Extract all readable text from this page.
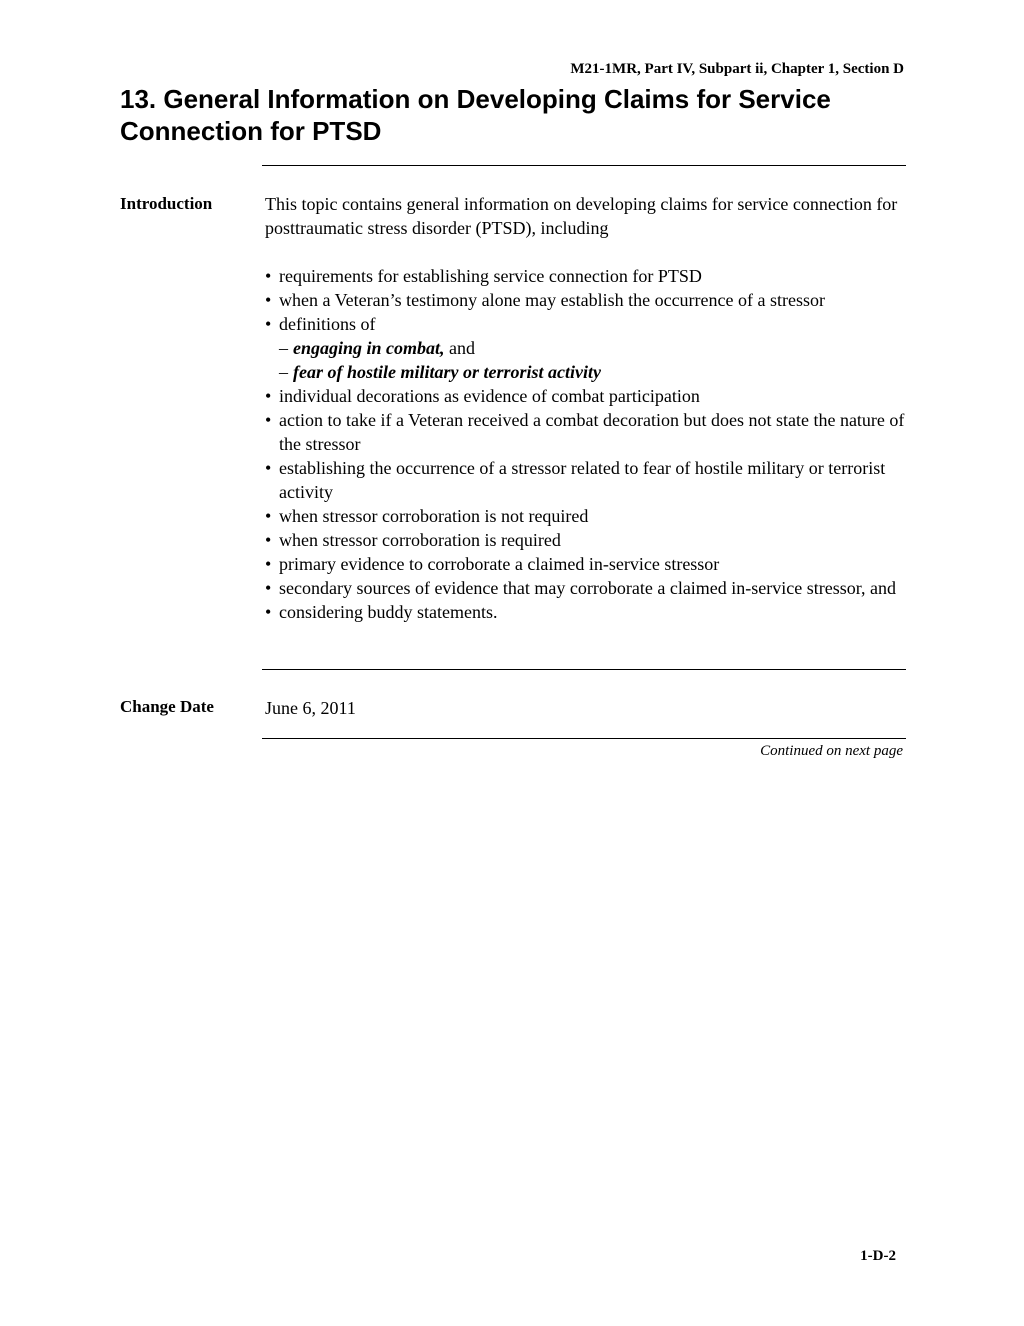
M21-1MR, Part IV, Subpart ii, Chapter 1, Section D
13. General Information on Developing Claims for Service Connection for PTSD
Introduction	This topic contains general information on developing claims for service connection for posttraumatic stress disorder (PTSD), including

• requirements for establishing service connection for PTSD
• when a Veteran’s testimony alone may establish the occurrence of a stressor
• definitions of
– engaging in combat, and
– fear of hostile military or terrorist activity
• individual decorations as evidence of combat participation
• action to take if a Veteran received a combat decoration but does not state the nature of the stressor
• establishing the occurrence of a stressor related to fear of hostile military or terrorist activity
• when stressor corroboration is not required
• when stressor corroboration is required
• primary evidence to corroborate a claimed in-service stressor
• secondary sources of evidence that may corroborate a claimed in-service stressor, and
• considering buddy statements.
Change Date	June 6, 2011
Continued on next page
1-D-2
